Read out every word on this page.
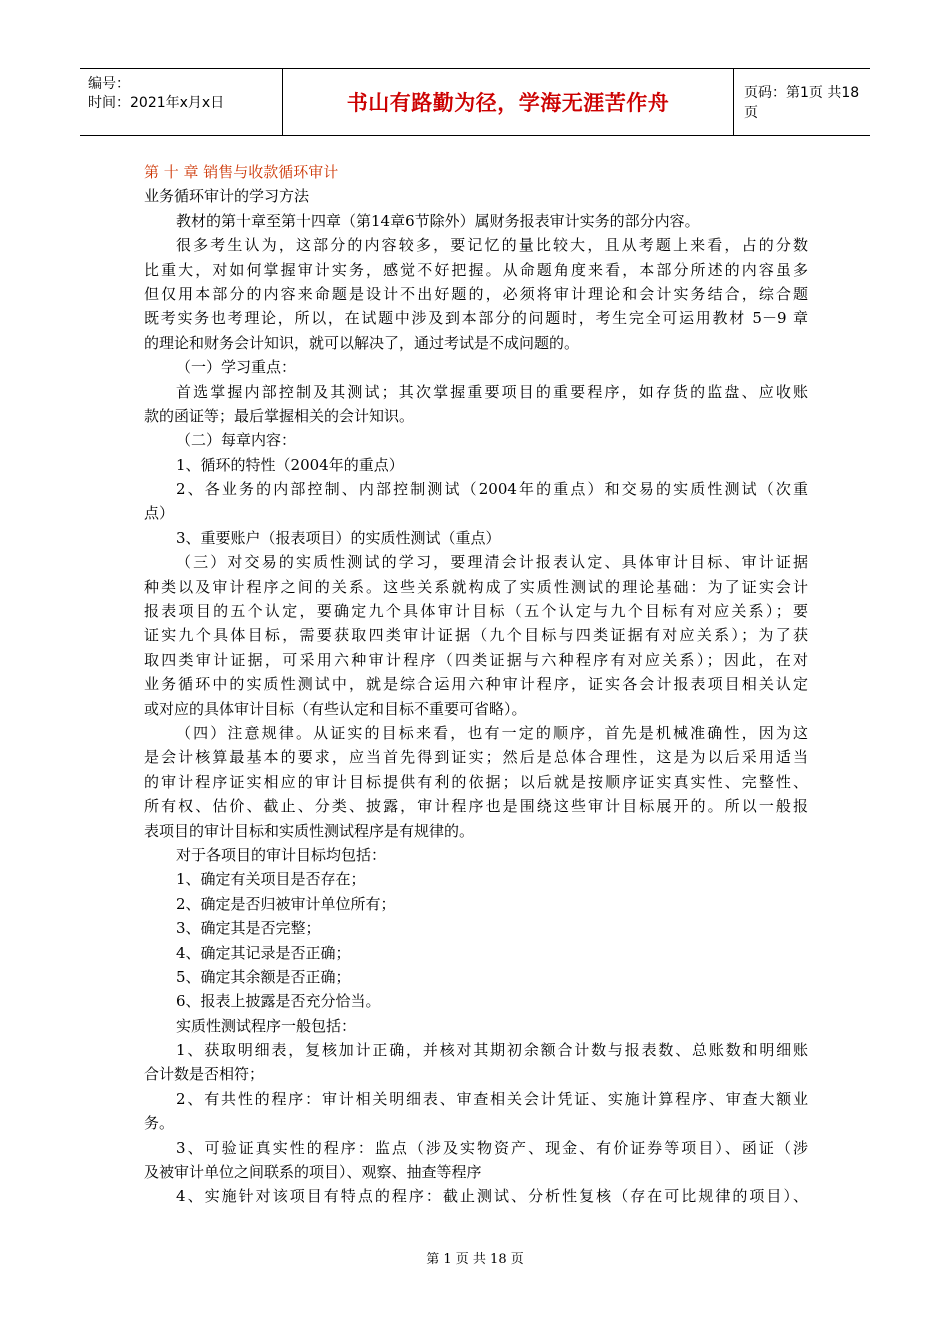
编号：
时间：2021年x月x日	书山有路勤为径，学海无涯苦作舟	页码：第1页 共18页

第 十 章 销售与收款循环审计

业务循环审计的学习方法

教材的第十章至第十四章（第14章6节除外）属财务报表审计实务的部分内容。

很多考生认为，这部分的内容较多，要记忆的量比较大，且从考题上来看，占的分数

比重大，对如何掌握审计实务，感觉不好把握。从命题角度来看，本部分所述的内容虽多

但仅用本部分的内容来命题是设计不出好题的，必须将审计理论和会计实务结合，综合题

既考实务也考理论，所以，在试题中涉及到本部分的问题时，考生完全可运用教材 5－9 章

的理论和财务会计知识，就可以解决了，通过考试是不成问题的。

（一）学习重点：

首选掌握内部控制及其测试；其次掌握重要项目的重要程序，如存货的监盘、应收账

款的函证等；最后掌握相关的会计知识。

（二）每章内容：

1、循环的特性（2004年的重点）

2、各业务的内部控制、内部控制测试（2004年的重点）和交易的实质性测试（次重

点）

3、重要账户（报表项目）的实质性测试（重点）

（三）对交易的实质性测试的学习，要理清会计报表认定、具体审计目标、审计证据

种类以及审计程序之间的关系。这些关系就构成了实质性测试的理论基础：为了证实会计

报表项目的五个认定，要确定九个具体审计目标（五个认定与九个目标有对应关系）；要

证实九个具体目标，需要获取四类审计证据（九个目标与四类证据有对应关系）；为了获

取四类审计证据，可采用六种审计程序（四类证据与六种程序有对应关系）；因此，在对

业务循环中的实质性测试中，就是综合运用六种审计程序，证实各会计报表项目相关认定

或对应的具体审计目标（有些认定和目标不重要可省略）。

（四）注意规律。从证实的目标来看，也有一定的顺序，首先是机械准确性，因为这

是会计核算最基本的要求，应当首先得到证实；然后是总体合理性，这是为以后采用适当

的审计程序证实相应的审计目标提供有利的依据；以后就是按顺序证实真实性、完整性、

所有权、估价、截止、分类、披露，审计程序也是围绕这些审计目标展开的。所以一般报

表项目的审计目标和实质性测试程序是有规律的。

对于各项目的审计目标均包括：

1、确定有关项目是否存在；

2、确定是否归被审计单位所有；

3、确定其是否完整；

4、确定其记录是否正确；

5、确定其余额是否正确；

6、报表上披露是否充分恰当。

实质性测试程序一般包括：

1、获取明细表，复核加计正确，并核对其期初余额合计数与报表数、总账数和明细账

合计数是否相符；

2、有共性的程序：审计相关明细表、审查相关会计凭证、实施计算程序、审查大额业

务。

3、可验证真实性的程序：监点（涉及实物资产、现金、有价证券等项目）、函证（涉

及被审计单位之间联系的项目）、观察、抽查等程序

4、实施针对该项目有特点的程序：截止测试、分析性复核（存在可比规律的项目）、

第 1 页 共 18 页
